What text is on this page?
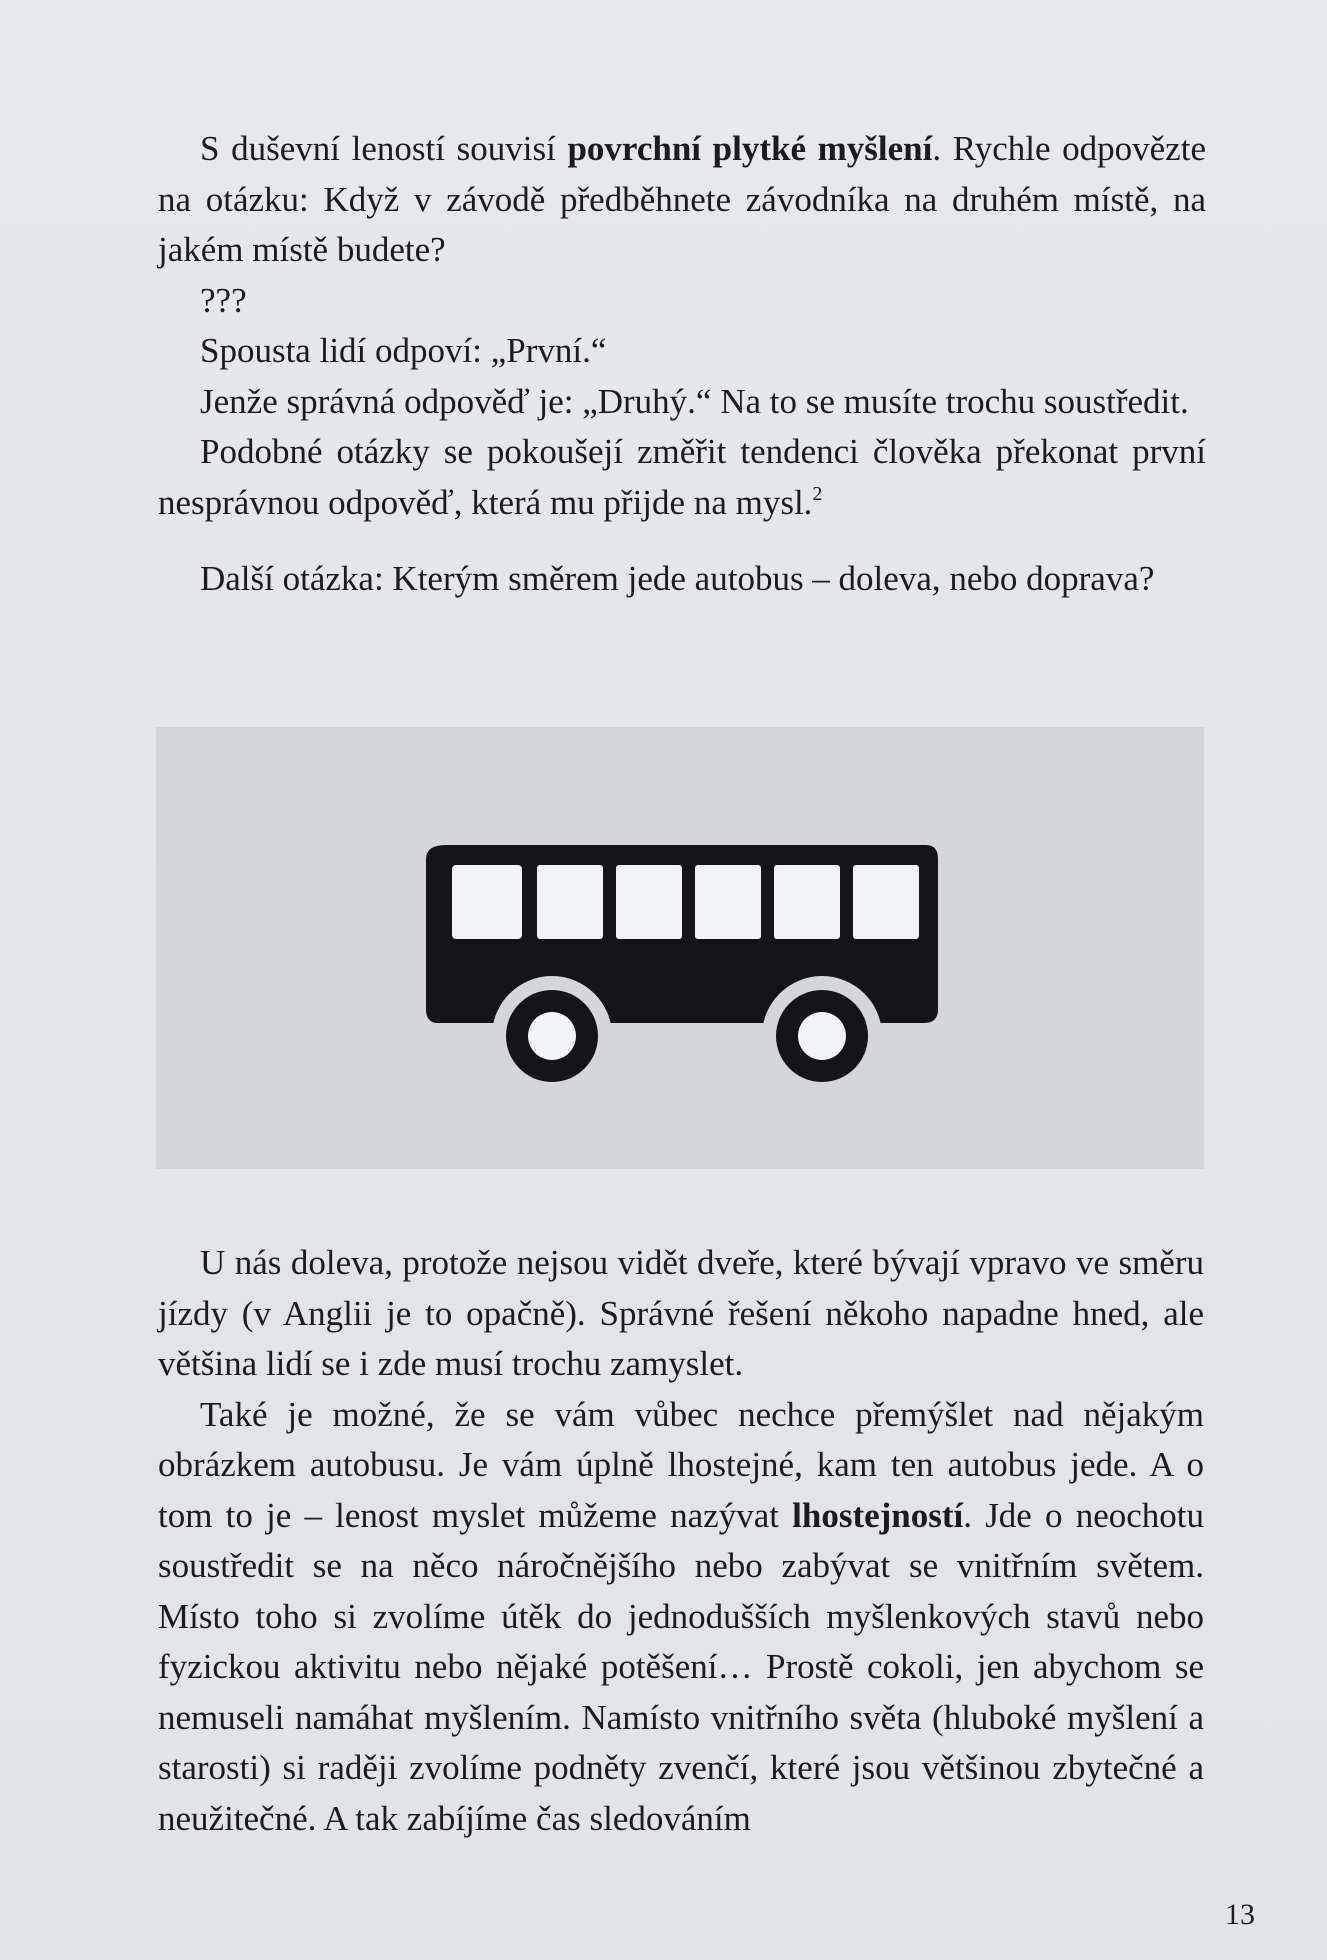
S duševní leností souvisí povrchní plytké myšlení. Rychle odpovězte na otázku: Když v závodě předběhnete závodníka na druhém místě, na jakém místě budete?

???

Spousta lidí odpoví: „První.“

Jenže správná odpověď je: „Druhý.“ Na to se musíte trochu soustředit.

Podobné otázky se pokoušejí změřit tendenci člověka překonat první nesprávnou odpověď, která mu přijde na mysl.$^2$

Další otázka: Kterým směrem jede autobus – doleva, nebo doprava?

U nás doleva, protože nejsou vidět dveře, které bývají vpravo ve směru jízdy (v Anglii je to opačně). Správné řešení někoho napadne hned, ale většina lidí se i zde musí trochu zamyslet.

Také je možné, že se vám vůbec nechce přemýšlet nad nějakým obrázkem autobusu. Je vám úplně lhostejné, kam ten autobus jede. A o tom to je – lenost myslet můžeme nazývat lhostejností. Jde o neochotu soustředit se na něco náročnějšího nebo zabývat se vnitřním světem. Místo toho si zvolíme útěk do jednodušších myšlenkových stavů nebo fyzickou aktivitu nebo nějaké potěšení… Prostě cokoli, jen abychom se nemuseli namáhat myšlením. Namísto vnitřního světa (hluboké myšlení a starosti) si raději zvolíme podněty zvenčí, které jsou většinou zbytečné a neužitečné. A tak zabíjíme čas sledováním

13
